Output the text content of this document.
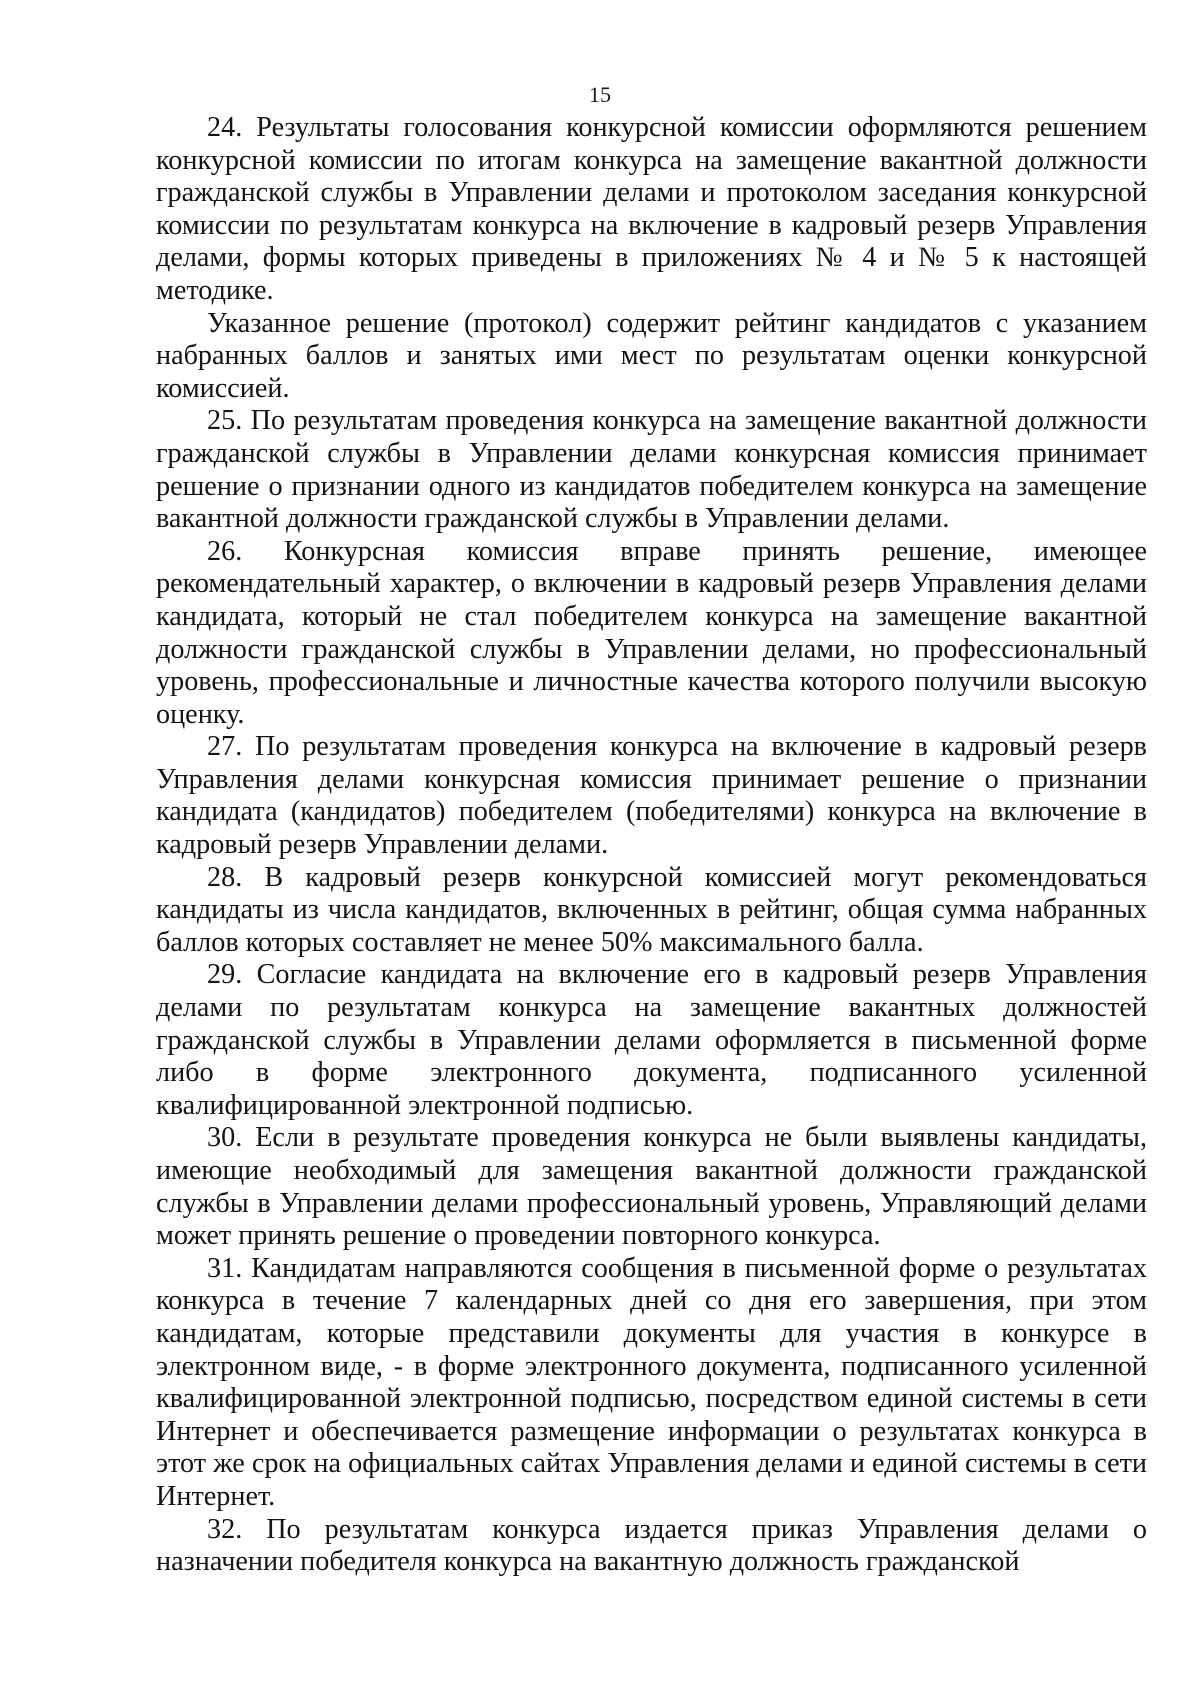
15

24. Результаты голосования конкурсной комиссии оформляются решением конкурсной комиссии по итогам конкурса на замещение вакантной должности гражданской службы в Управлении делами и протоколом заседания конкурсной комиссии по результатам конкурса на включение в кадровый резерв Управления делами, формы которых приведены в приложениях № 4 и № 5 к настоящей методике.

Указанное решение (протокол) содержит рейтинг кандидатов с указанием набранных баллов и занятых ими мест по результатам оценки конкурсной комиссией.

25. По результатам проведения конкурса на замещение вакантной должности гражданской службы в Управлении делами конкурсная комиссия принимает решение о признании одного из кандидатов победителем конкурса на замещение вакантной должности гражданской службы в Управлении делами.

26. Конкурсная комиссия вправе принять решение, имеющее рекомендательный характер, о включении в кадровый резерв Управления делами кандидата, который не стал победителем конкурса на замещение вакантной должности гражданской службы в Управлении делами, но профессиональный уровень, профессиональные и личностные качества которого получили высокую оценку.

27. По результатам проведения конкурса на включение в кадровый резерв Управления делами конкурсная комиссия принимает решение о признании кандидата (кандидатов) победителем (победителями) конкурса на включение в кадровый резерв Управлении делами.

28. В кадровый резерв конкурсной комиссией могут рекомендоваться кандидаты из числа кандидатов, включенных в рейтинг, общая сумма набранных баллов которых составляет не менее 50% максимального балла.

29. Согласие кандидата на включение его в кадровый резерв Управления делами по результатам конкурса на замещение вакантных должностей гражданской службы в Управлении делами оформляется в письменной форме либо в форме электронного документа, подписанного усиленной квалифицированной электронной подписью.

30. Если в результате проведения конкурса не были выявлены кандидаты, имеющие необходимый для замещения вакантной должности гражданской службы в Управлении делами профессиональный уровень, Управляющий делами может принять решение о проведении повторного конкурса.

31. Кандидатам направляются сообщения в письменной форме о результатах конкурса в течение 7 календарных дней со дня его завершения, при этом кандидатам, которые представили документы для участия в конкурсе в электронном виде, - в форме электронного документа, подписанного усиленной квалифицированной электронной подписью, посредством единой системы в сети Интернет и обеспечивается размещение информации о результатах конкурса в этот же срок на официальных сайтах Управления делами и единой системы в сети Интернет.

32. По результатам конкурса издается приказ Управления делами о назначении победителя конкурса на вакантную должность гражданской
